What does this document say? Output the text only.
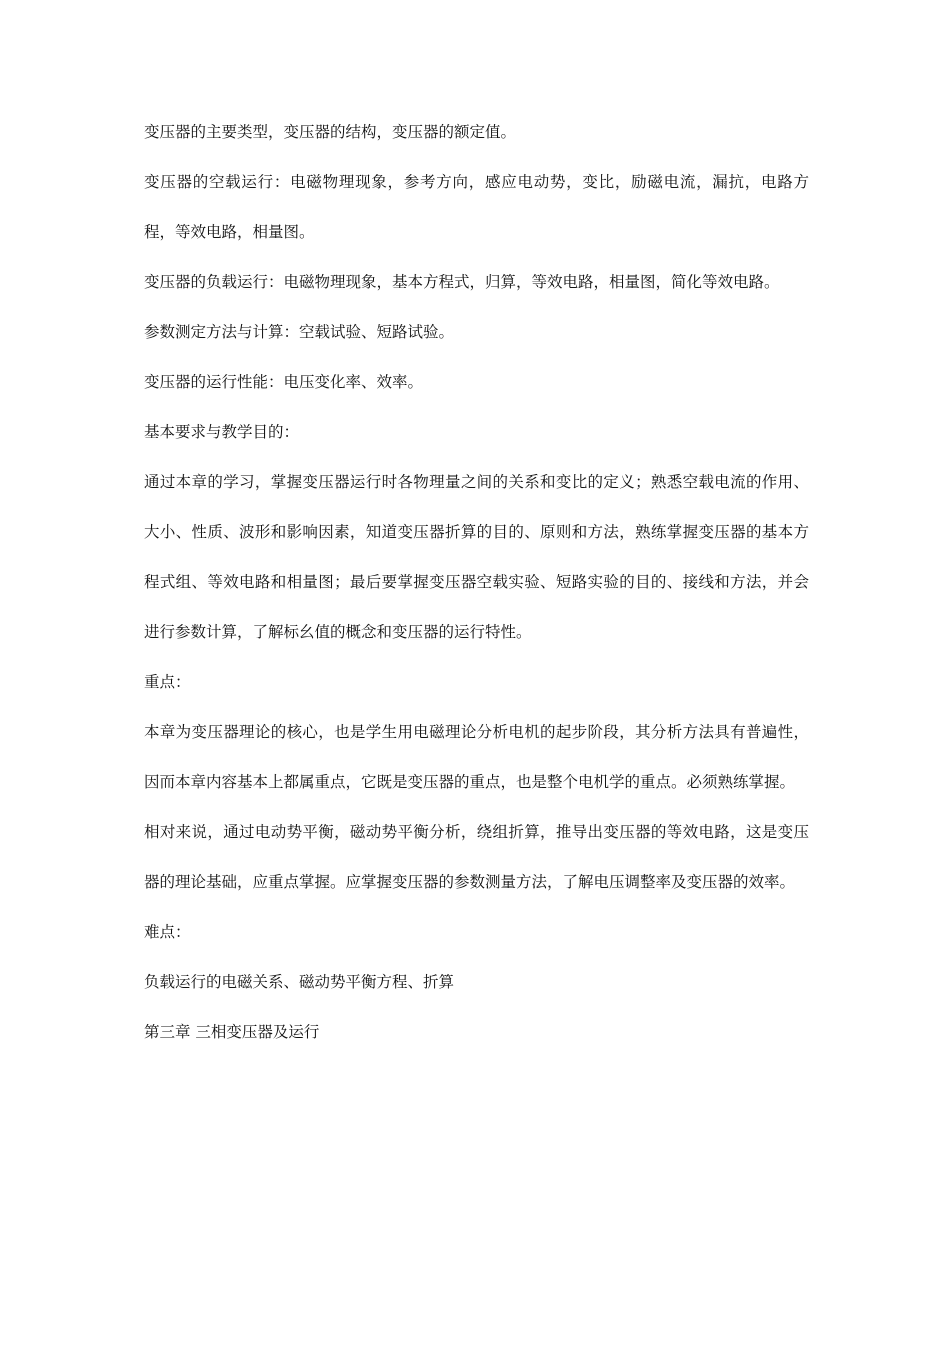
变压器的主要类型，变压器的结构，变压器的额定值。

变压器的空载运行：电磁物理现象，参考方向，感应电动势，变比，励磁电流，漏抗，电路方程，等效电路，相量图。

变压器的负载运行：电磁物理现象，基本方程式，归算，等效电路，相量图，简化等效电路。

参数测定方法与计算：空载试验、短路试验。

变压器的运行性能：电压变化率、效率。

基本要求与教学目的：

通过本章的学习，掌握变压器运行时各物理量之间的关系和变比的定义；熟悉空载电流的作用、大小、性质、波形和影响因素，知道变压器折算的目的、原则和方法，熟练掌握变压器的基本方程式组、等效电路和相量图；最后要掌握变压器空载实验、短路实验的目的、接线和方法，并会进行参数计算，了解标幺值的概念和变压器的运行特性。

重点：

本章为变压器理论的核心，也是学生用电磁理论分析电机的起步阶段，其分析方法具有普遍性，因而本章内容基本上都属重点，它既是变压器的重点，也是整个电机学的重点。必须熟练掌握。

相对来说，通过电动势平衡，磁动势平衡分析，绕组折算，推导出变压器的等效电路，这是变压器的理论基础，应重点掌握。应掌握变压器的参数测量方法，了解电压调整率及变压器的效率。

难点：

负载运行的电磁关系、磁动势平衡方程、折算

第三章 三相变压器及运行
